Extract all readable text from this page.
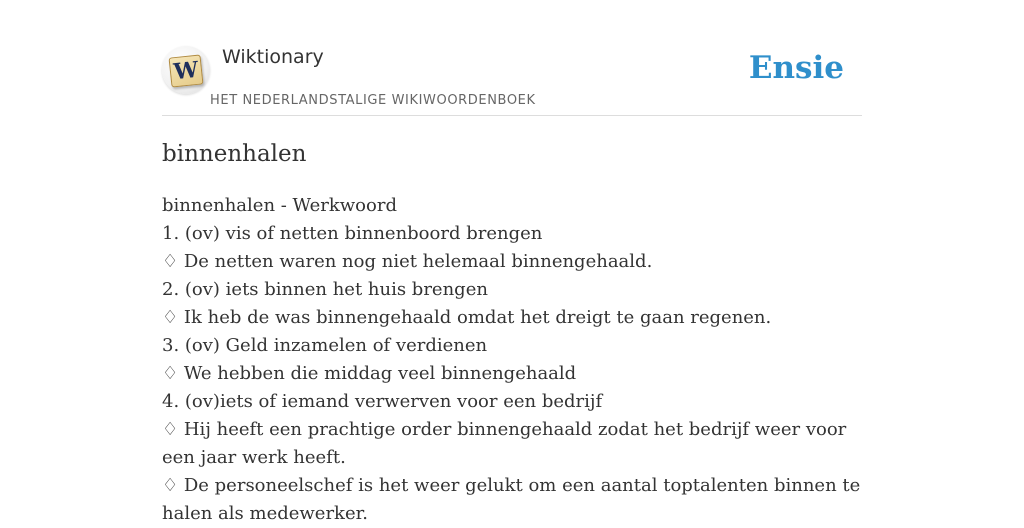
W Wiktionary
HET NEDERLANDSTALIGE WIKIWOORDENBOEK
Ensie
binnenhalen
binnenhalen - Werkwoord
1. (ov) vis of netten binnenboord brengen
♢ De netten waren nog niet helemaal binnengehaald.
2. (ov) iets binnen het huis brengen
♢ Ik heb de was binnengehaald omdat het dreigt te gaan regenen.
3. (ov) Geld inzamelen of verdienen
♢ We hebben die middag veel binnengehaald
4. (ov)iets of iemand verwerven voor een bedrijf
♢ Hij heeft een prachtige order binnengehaald zodat het bedrijf weer voor een jaar werk heeft.
♢ De personeelschef is het weer gelukt om een aantal toptalenten binnen te halen als medewerker.
